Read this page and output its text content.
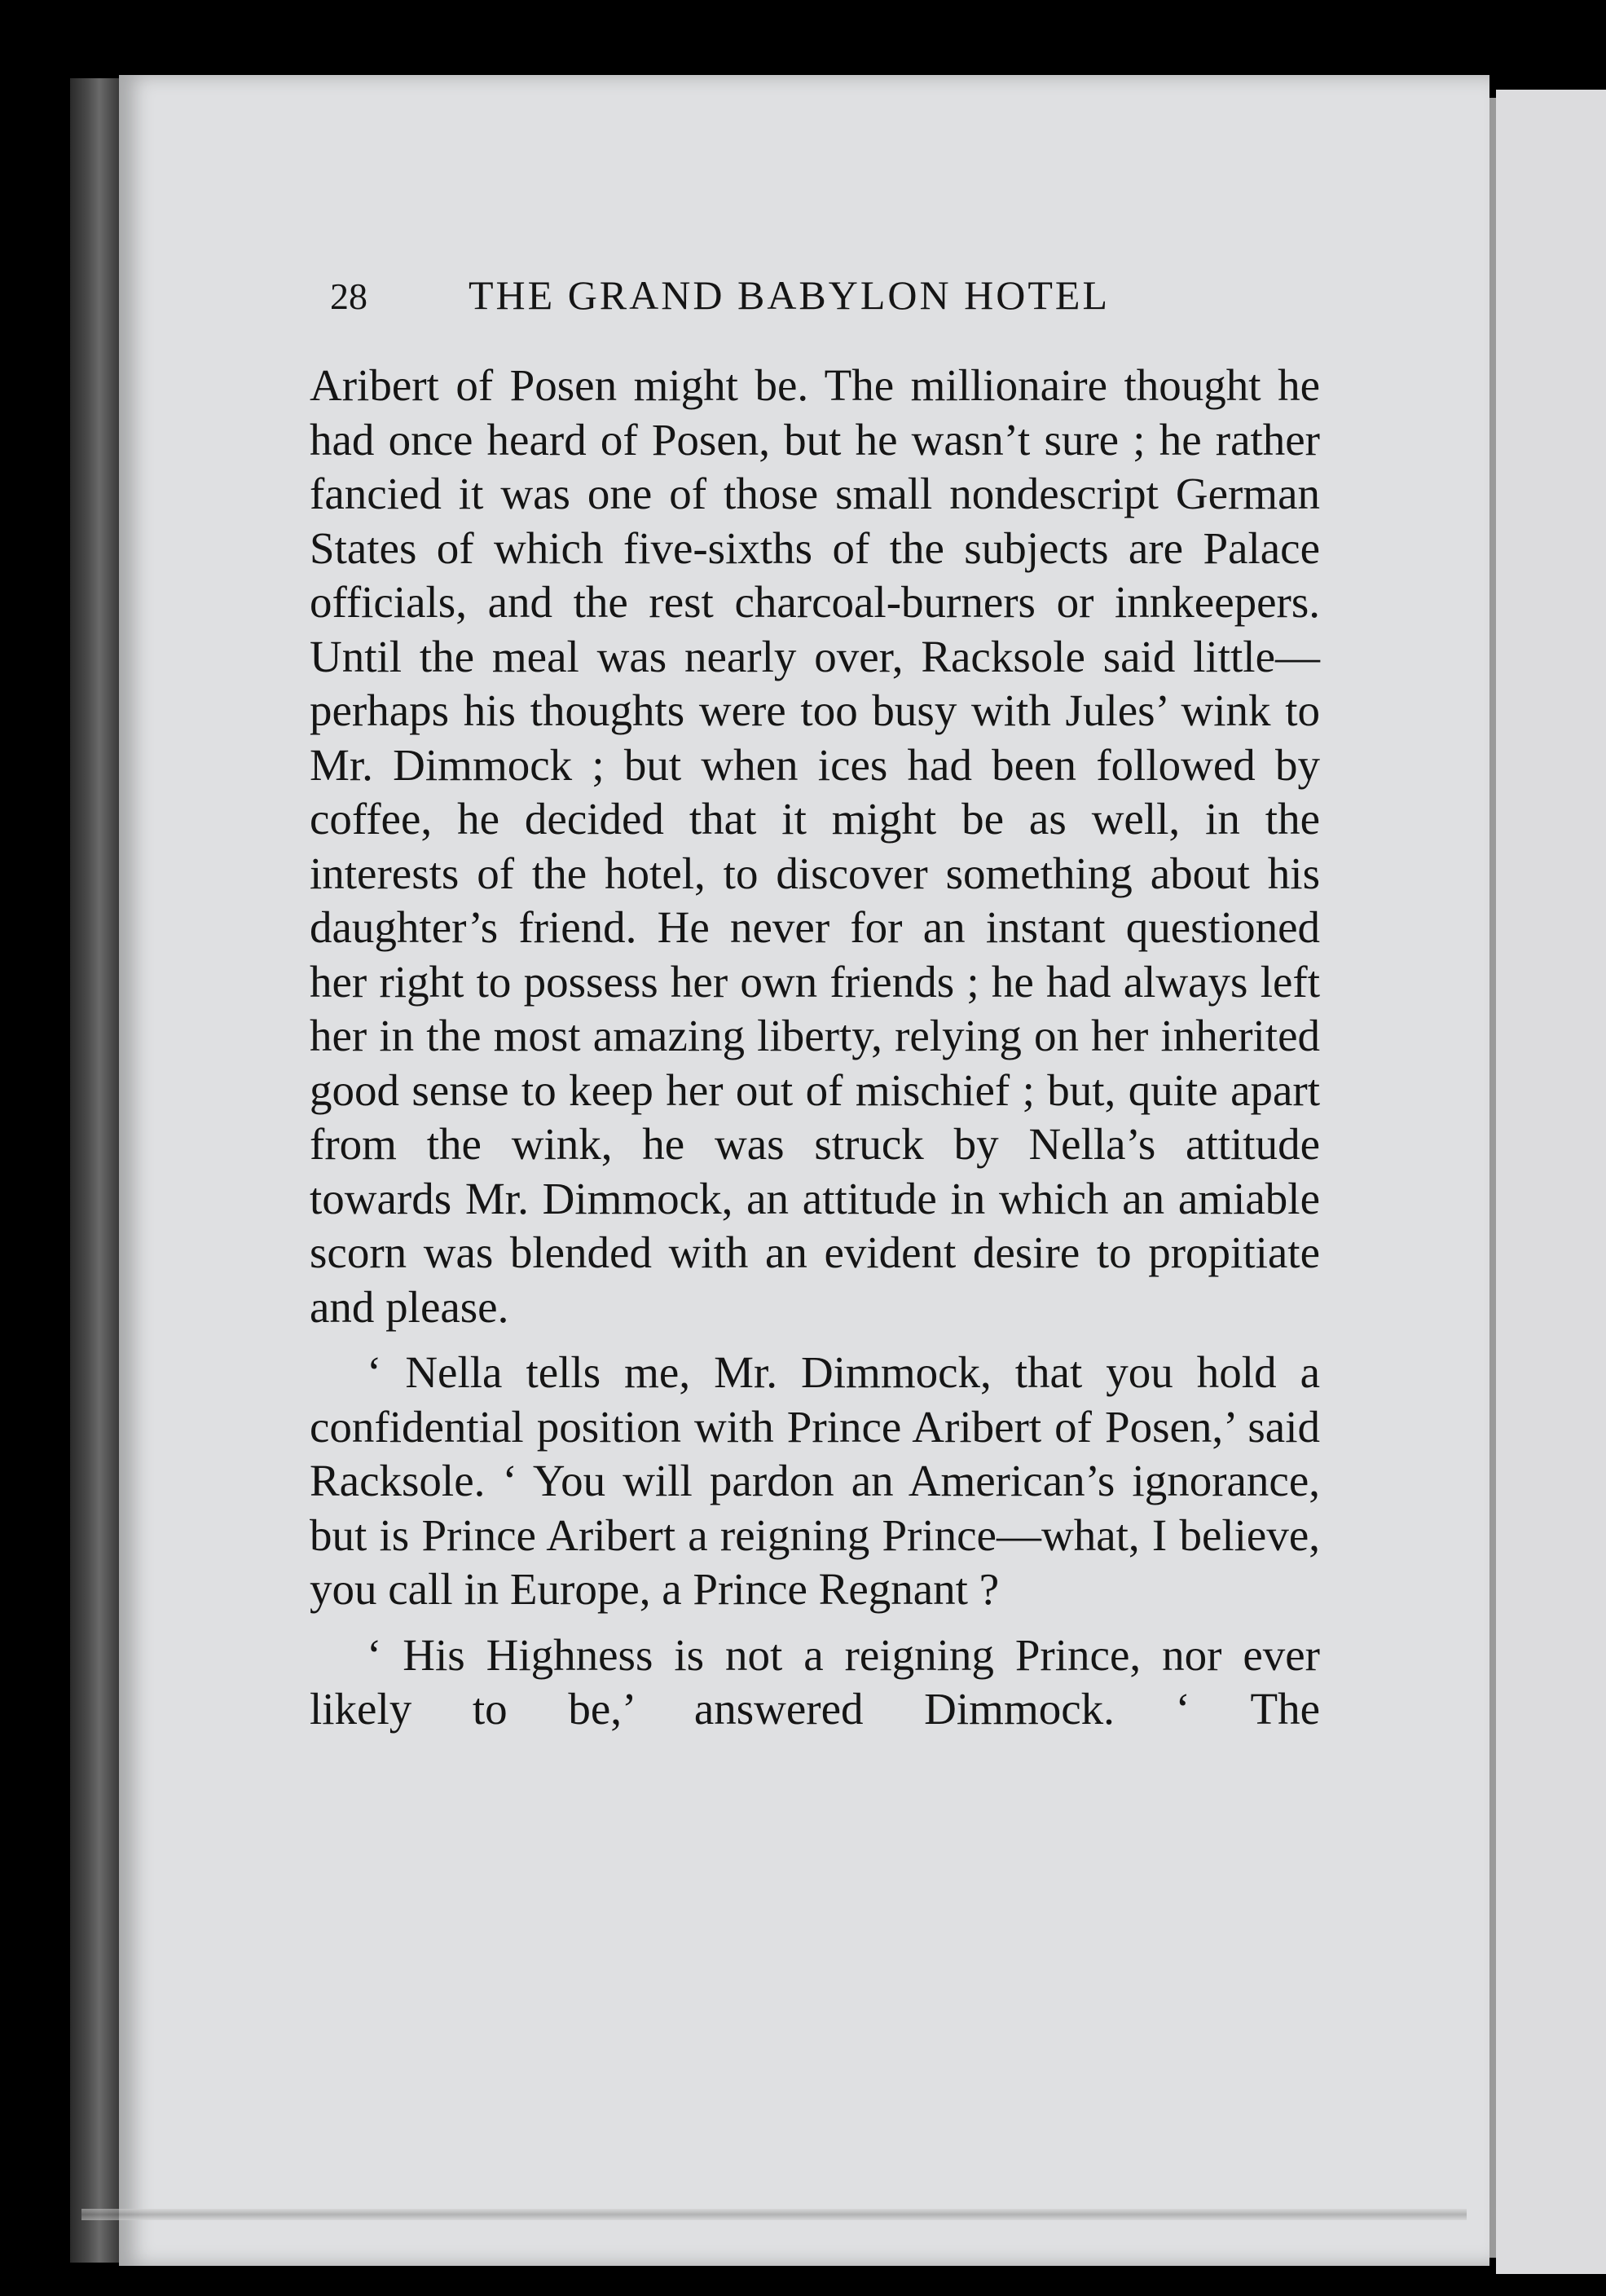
28 THE GRAND BABYLON HOTEL

Aribert of Posen might be. The millionaire thought he had once heard of Posen, but he wasn’t sure ; he rather fancied it was one of those small nondescript German States of which five-sixths of the subjects are Palace officials, and the rest charcoal-burners or innkeepers. Until the meal was nearly over, Racksole said little—perhaps his thoughts were too busy with Jules’ wink to Mr. Dimmock ; but when ices had been followed by coffee, he decided that it might be as well, in the interests of the hotel, to discover something about his daughter’s friend. He never for an instant questioned her right to possess her own friends ; he had always left her in the most amazing liberty, relying on her inherited good sense to keep her out of mischief ; but, quite apart from the wink, he was struck by Nella’s attitude towards Mr. Dimmock, an attitude in which an amiable scorn was blended with an evident desire to propitiate and please.

‘ Nella tells me, Mr. Dimmock, that you hold a confidential position with Prince Aribert of Posen,’ said Racksole. ‘ You will pardon an American’s ignorance, but is Prince Aribert a reigning Prince—what, I believe, you call in Europe, a Prince Regnant ?

‘ His Highness is not a reigning Prince, nor ever likely to be,’ answered Dimmock. ‘ The
